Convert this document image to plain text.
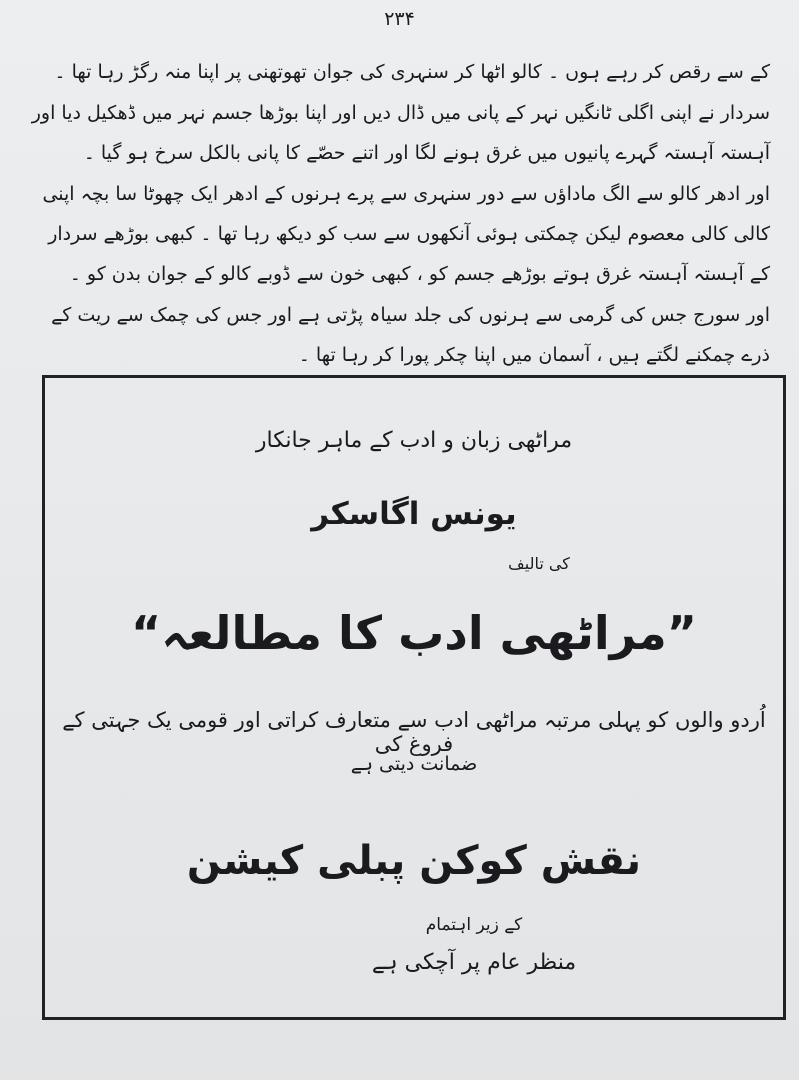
۲۳۴

کے سے رقص کر رہے ہوں ۔ کالو اٹھا کر سنہری کی جوان تھوتھنی پر اپنا منہ رگڑ رہا تھا ۔

سردار نے اپنی اگلی ٹانگیں نہر کے پانی میں ڈال دیں اور اپنا بوڑھا جسم نہر میں ڈھکیل دیا اور آہستہ آہستہ گہرے پانیوں میں غرق ہونے لگا اور اتنے حصّے کا پانی بالکل سرخ ہو گیا ۔

اور ادھر کالو سے الگ ماداؤں سے دور سنہری سے پرے ہرنوں کے ادھر ایک چھوٹا سا بچہ اپنی کالی کالی معصوم لیکن چمکتی ہوئی آنکھوں سے سب کو دیکھ رہا تھا ۔ کبھی بوڑھے سردار کے آہستہ آہستہ غرق ہوتے بوڑھے جسم کو ، کبھی خون سے ڈوبے کالو کے جوان بدن کو ۔

اور سورج جس کی گرمی سے ہرنوں کی جلد سیاہ پڑتی ہے اور جس کی چمک سے ریت کے ذرے چمکنے لگتے ہیں ، آسمان میں اپنا چکر پورا کر رہا تھا ۔

مراٹھی زبان و ادب کے ماہر جانکار
یونس اگاسکر
کی تالیف
”مراٹھی ادب کا مطالعہ“
اُردو والوں کو پہلی مرتبہ مراٹھی ادب سے متعارف کراتی اور قومی یک جہتی کے فروغ کی
ضمانت دیتی ہے
نقش کوکن پبلی کیشن
کے زیر اہتمام
منظر عام پر آچکی ہے
